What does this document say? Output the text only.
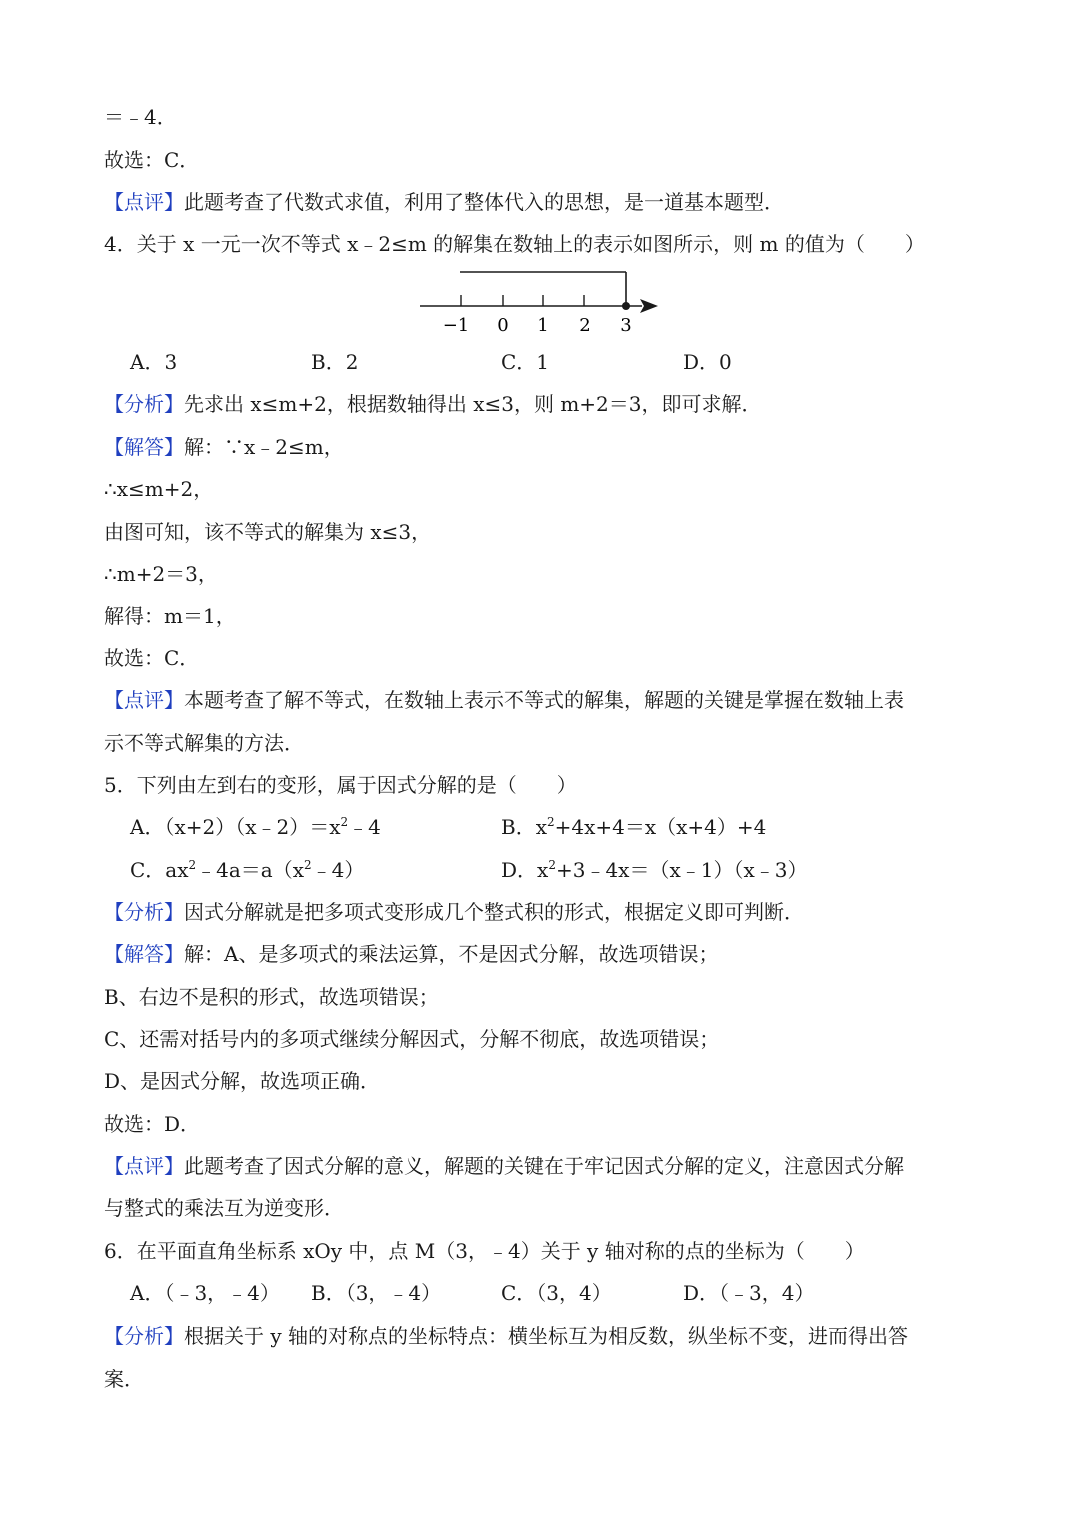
＝﹣4．
故选：C．
【点评】此题考查了代数式求值，利用了整体代入的思想，是一道基本题型．
4．关于 x 一元一次不等式 x﹣2≤m 的解集在数轴上的表示如图所示，则 m 的值为（　　）
−1 0 1 2 3
A．3	B．2	C．1	D．0
【分析】先求出 x≤m+2，根据数轴得出 x≤3，则 m+2＝3，即可求解．
【解答】解：∵x﹣2≤m，
∴x≤m+2，
由图可知，该不等式的解集为 x≤3，
∴m+2＝3，
解得：m＝1，
故选：C．
【点评】本题考查了解不等式，在数轴上表示不等式的解集，解题的关键是掌握在数轴上表
示不等式解集的方法．
5．下列由左到右的变形，属于因式分解的是（　　）
A．$(x+2)(x﹣2)=x^2﹣4$	B．$x^2+4x+4=x(x+4)+4$
C．$ax^2﹣4a=a(x^2﹣4)$	D．$x^2+3﹣4x=(x﹣1)(x﹣3)$
【分析】因式分解就是把多项式变形成几个整式积的形式，根据定义即可判断．
【解答】解：A、是多项式的乘法运算，不是因式分解，故选项错误；
B、右边不是积的形式，故选项错误；
C、还需对括号内的多项式继续分解因式，分解不彻底，故选项错误；
D、是因式分解，故选项正确．
故选：D．
【点评】此题考查了因式分解的意义，解题的关键在于牢记因式分解的定义，注意因式分解
与整式的乘法互为逆变形．
6．在平面直角坐标系 xOy 中，点 M（3，﹣4）关于 y 轴对称的点的坐标为（　　）
A．（﹣3，﹣4） B．（3，﹣4）	C．（3，4）	D．（﹣3，4）
【分析】根据关于 y 轴的对称点的坐标特点：横坐标互为相反数，纵坐标不变，进而得出答
案．
